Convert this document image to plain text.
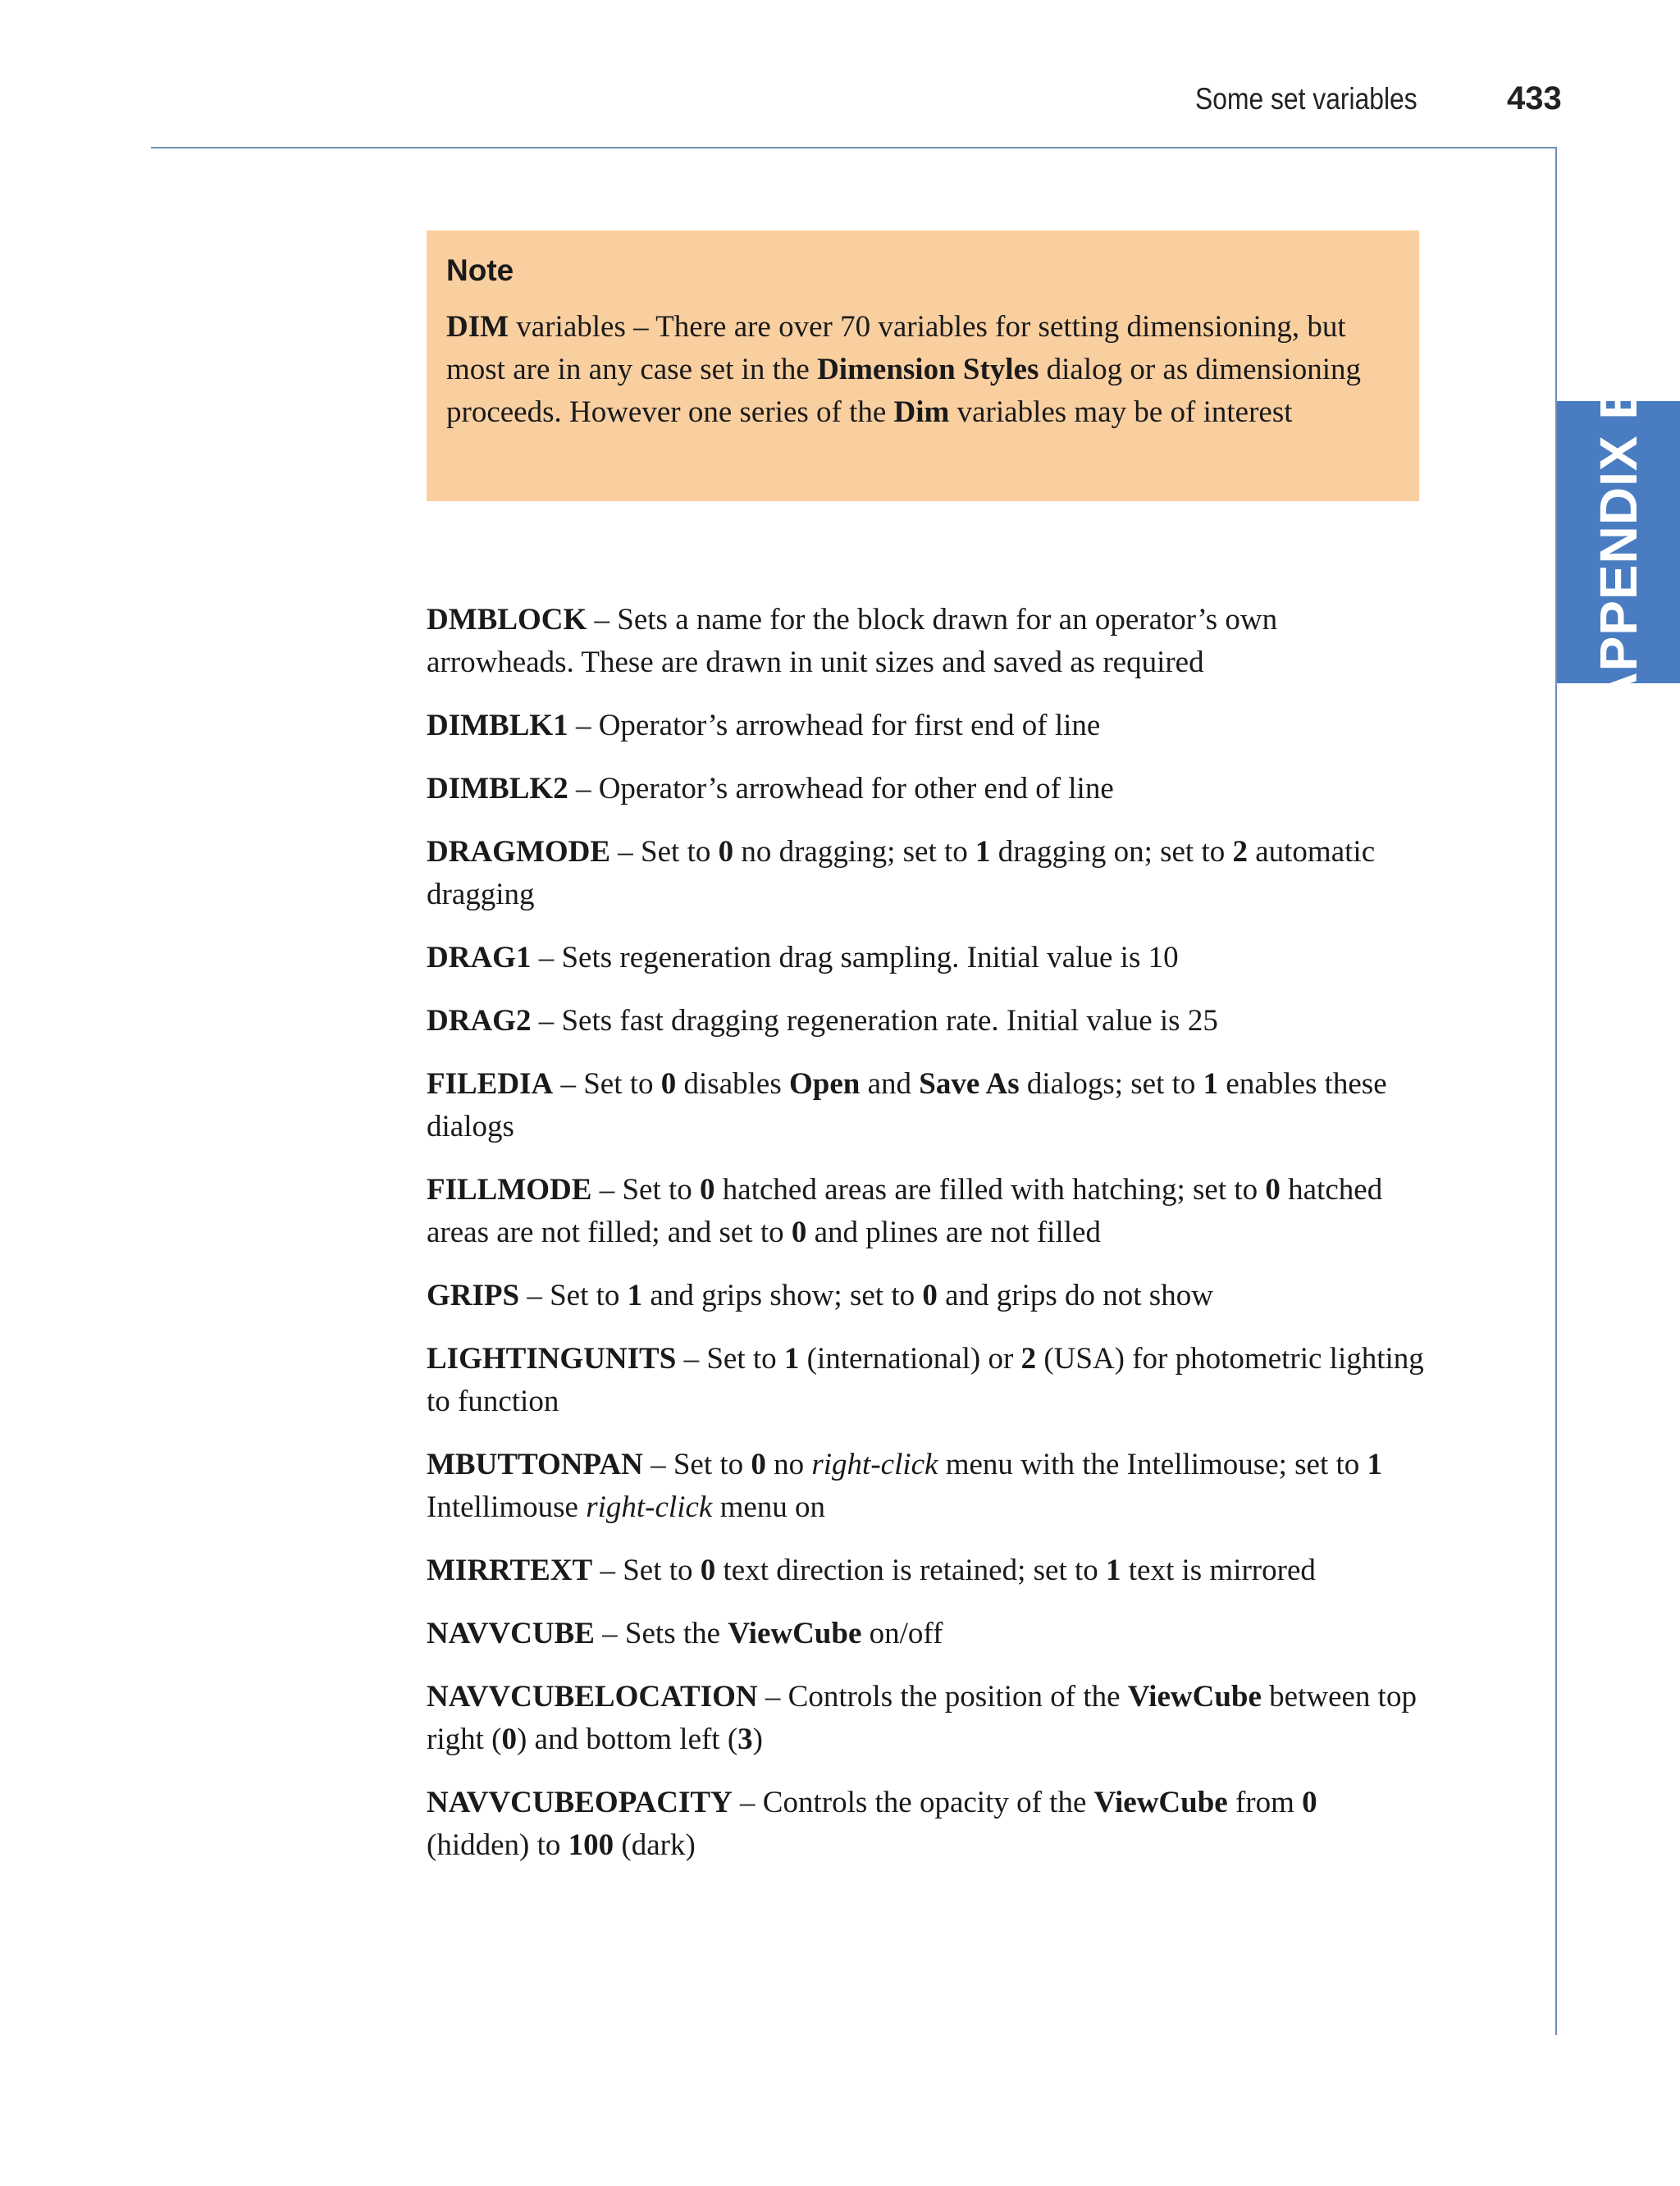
Some set variables	433
APPENDIX B
Note

DIM variables – There are over 70 variables for setting dimensioning, but most are in any case set in the Dimension Styles dialog or as dimensioning proceeds. However one series of the Dim variables may be of interest

DMBLOCK – Sets a name for the block drawn for an operator’s own arrowheads. These are drawn in unit sizes and saved as required

DIMBLK1 – Operator’s arrowhead for first end of line

DIMBLK2 – Operator’s arrowhead for other end of line

DRAGMODE – Set to 0 no dragging; set to 1 dragging on; set to 2 automatic dragging

DRAG1 – Sets regeneration drag sampling. Initial value is 10

DRAG2 – Sets fast dragging regeneration rate. Initial value is 25

FILEDIA – Set to 0 disables Open and Save As dialogs; set to 1 enables these dialogs

FILLMODE – Set to 0 hatched areas are filled with hatching; set to 0 hatched areas are not filled; and set to 0 and plines are not filled

GRIPS – Set to 1 and grips show; set to 0 and grips do not show

LIGHTINGUNITS – Set to 1 (international) or 2 (USA) for photometric lighting to function

MBUTTONPAN – Set to 0 no right-click menu with the Intellimouse; set to 1 Intellimouse right-click menu on

MIRRTEXT – Set to 0 text direction is retained; set to 1 text is mirrored

NAVVCUBE – Sets the ViewCube on/off

NAVVCUBELOCATION – Controls the position of the ViewCube between top right (0) and bottom left (3)

NAVVCUBEOPACITY – Controls the opacity of the ViewCube from 0 (hidden) to 100 (dark)
